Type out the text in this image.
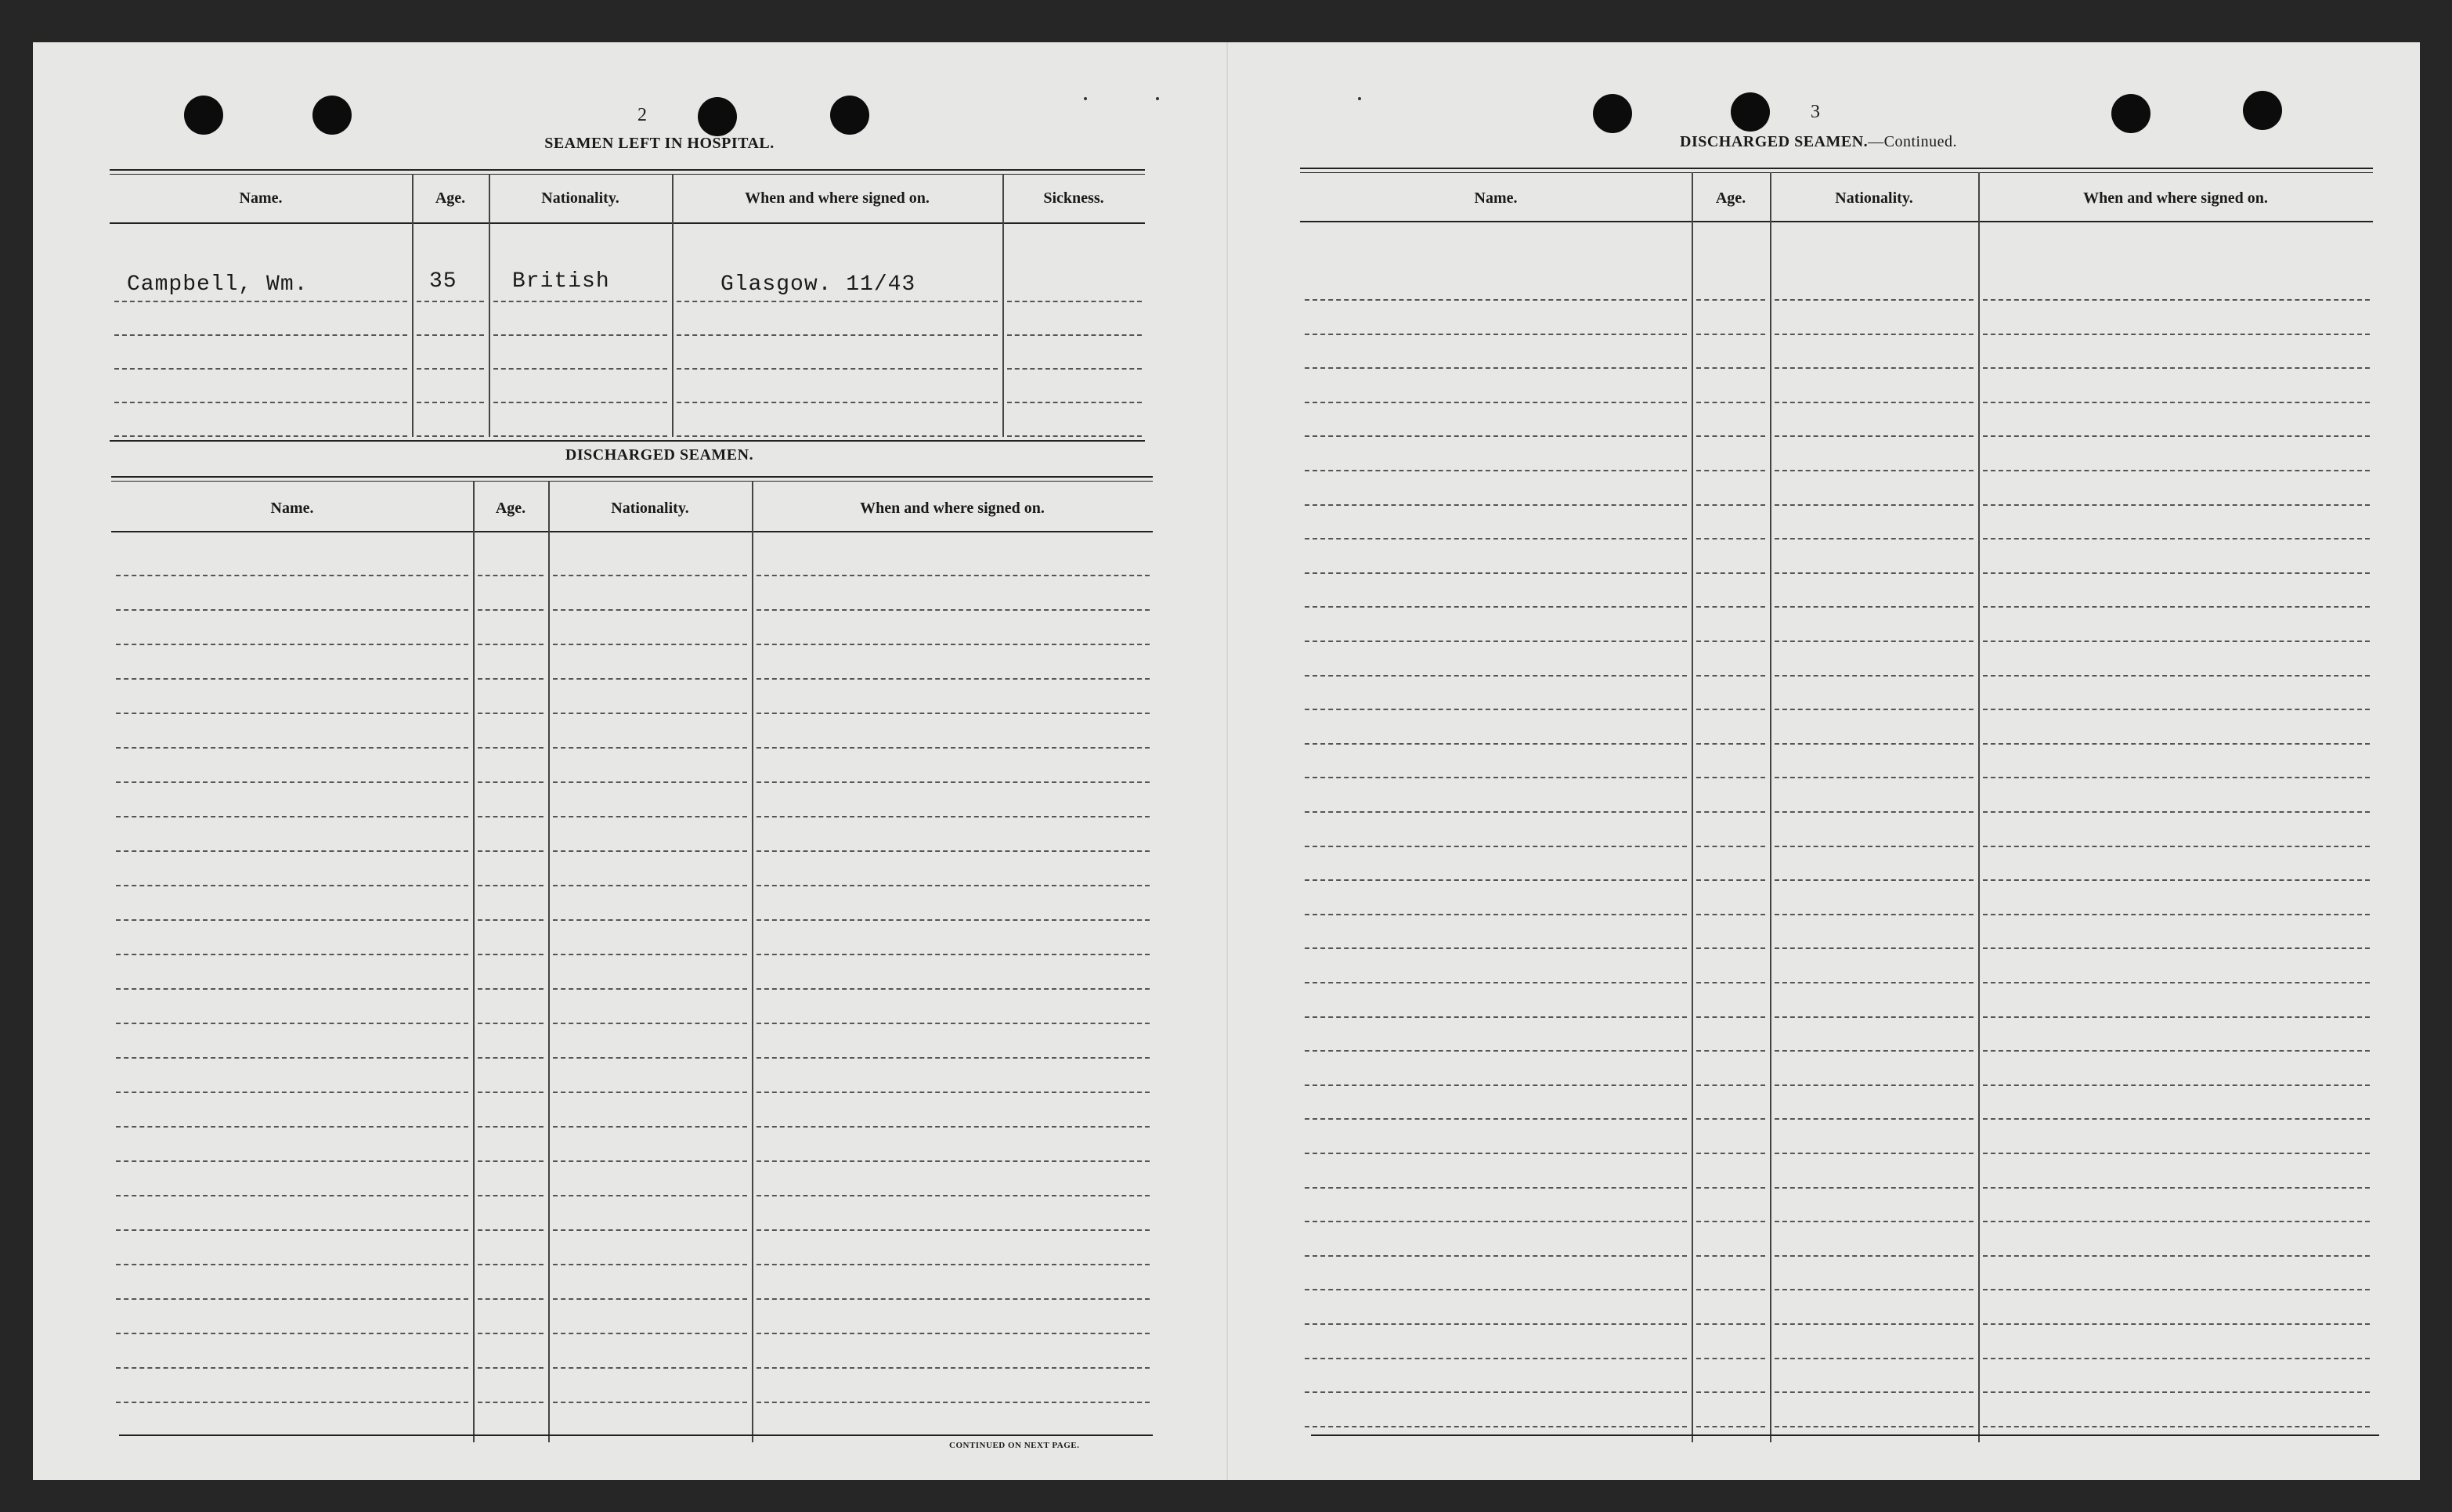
2
SEAMEN LEFT IN HOSPITAL.
Name.	Age.	Nationality.	When and where signed on.	Sickness.
Campbell, Wm.	35	British	Glasgow. 11/43
DISCHARGED SEAMEN.
Name.	Age.	Nationality.	When and where signed on.
CONTINUED ON NEXT PAGE.
3
DISCHARGED SEAMEN.—Continued.
Name.	Age.	Nationality.	When and where signed on.
